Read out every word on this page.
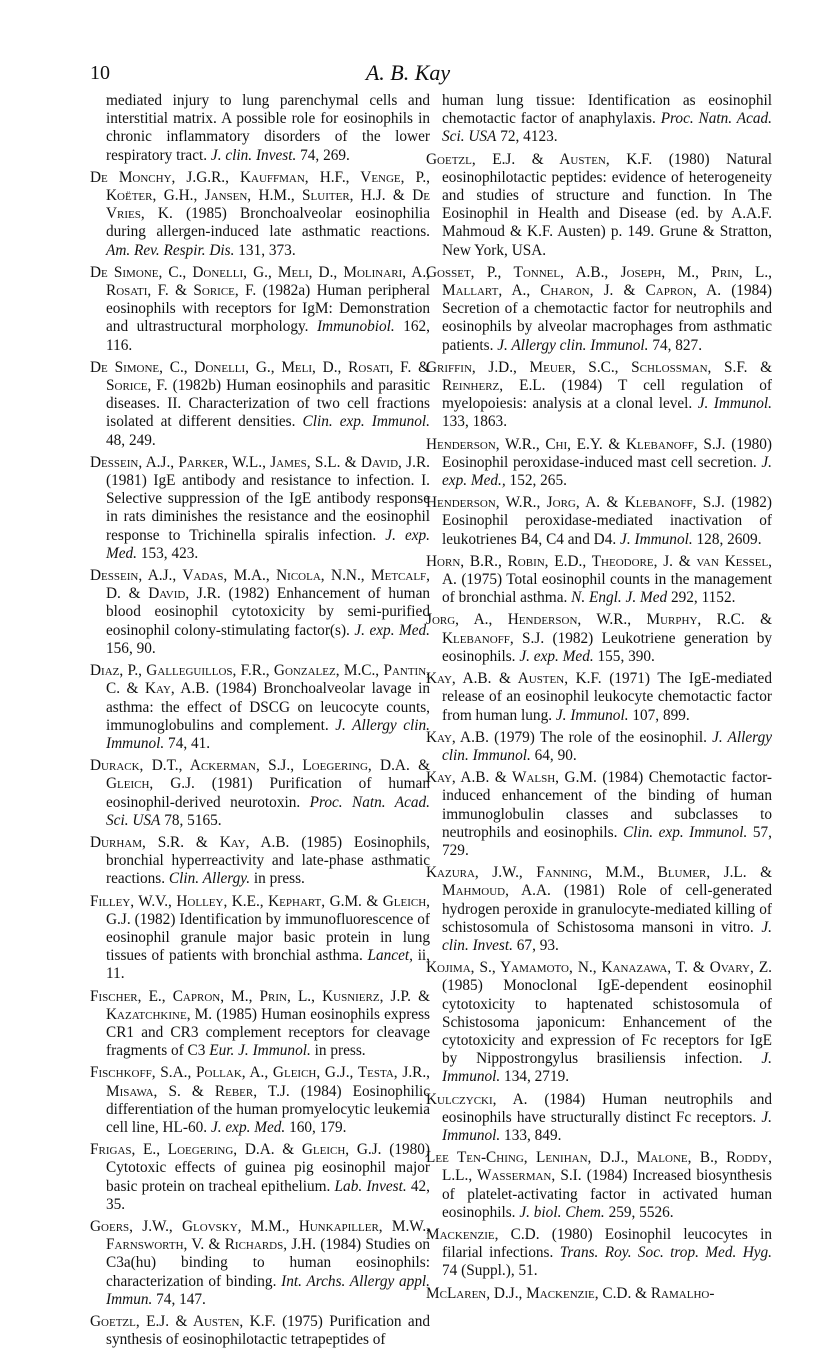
10	A. B. Kay
mediated injury to lung parenchymal cells and interstitial matrix. A possible role for eosinophils in chronic inflammatory disorders of the lower respiratory tract. J. clin. Invest. 74, 269.
De Monchy, J.G.R., Kauffman, H.F., Venge, P., Koëter, G.H., Jansen, H.M., Sluiter, H.J. & De Vries, K. (1985) Bronchoalveolar eosinophilia during allergen-induced late asthmatic reactions. Am. Rev. Respir. Dis. 131, 373.
De Simone, C., Donelli, G., Meli, D., Molinari, A., Rosati, F. & Sorice, F. (1982a) Human peripheral eosinophils with receptors for IgM: Demonstration and ultrastructural morphology. Immunobiol. 162, 116.
De Simone, C., Donelli, G., Meli, D., Rosati, F. & Sorice, F. (1982b) Human eosinophils and parasitic diseases. II. Characterization of two cell fractions isolated at different densities. Clin. exp. Immunol. 48, 249.
Dessein, A.J., Parker, W.L., James, S.L. & David, J.R. (1981) IgE antibody and resistance to infection. I. Selective suppression of the IgE antibody response in rats diminishes the resistance and the eosinophil response to Trichinella spiralis infection. J. exp. Med. 153, 423.
Dessein, A.J., Vadas, M.A., Nicola, N.N., Metcalf, D. & David, J.R. (1982) Enhancement of human blood eosinophil cytotoxicity by semi-purified eosinophil colony-stimulating factor(s). J. exp. Med. 156, 90.
Diaz, P., Galleguillos, F.R., Gonzalez, M.C., Pantin, C. & Kay, A.B. (1984) Bronchoalveolar lavage in asthma: the effect of DSCG on leucocyte counts, immunoglobulins and complement. J. Allergy clin. Immunol. 74, 41.
Durack, D.T., Ackerman, S.J., Loegering, D.A. & Gleich, G.J. (1981) Purification of human eosinophil-derived neurotoxin. Proc. Natn. Acad. Sci. USA 78, 5165.
Durham, S.R. & Kay, A.B. (1985) Eosinophils, bronchial hyperreactivity and late-phase asthmatic reactions. Clin. Allergy. in press.
Filley, W.V., Holley, K.E., Kephart, G.M. & Gleich, G.J. (1982) Identification by immunofluorescence of eosinophil granule major basic protein in lung tissues of patients with bronchial asthma. Lancet, ii, 11.
Fischer, E., Capron, M., Prin, L., Kusnierz, J.P. & Kazatchkine, M. (1985) Human eosinophils express CR1 and CR3 complement receptors for cleavage fragments of C3 Eur. J. Immunol. in press.
Fischkoff, S.A., Pollak, A., Gleich, G.J., Testa, J.R., Misawa, S. & Reber, T.J. (1984) Eosinophilic differentiation of the human promyelocytic leukemia cell line, HL-60. J. exp. Med. 160, 179.
Frigas, E., Loegering, D.A. & Gleich, G.J. (1980) Cytotoxic effects of guinea pig eosinophil major basic protein on tracheal epithelium. Lab. Invest. 42, 35.
Goers, J.W., Glovsky, M.M., Hunkapiller, M.W., Farnsworth, V. & Richards, J.H. (1984) Studies on C3a(hu) binding to human eosinophils: characterization of binding. Int. Archs. Allergy appl. Immun. 74, 147.
Goetzl, E.J. & Austen, K.F. (1975) Purification and synthesis of eosinophilotactic tetrapeptides of
human lung tissue: Identification as eosinophil chemotactic factor of anaphylaxis. Proc. Natn. Acad. Sci. USA 72, 4123.
Goetzl, E.J. & Austen, K.F. (1980) Natural eosinophilotactic peptides: evidence of heterogeneity and studies of structure and function. In The Eosinophil in Health and Disease (ed. by A.A.F. Mahmoud & K.F. Austen) p. 149. Grune & Stratton, New York, USA.
Gosset, P., Tonnel, A.B., Joseph, M., Prin, L., Mallart, A., Charon, J. & Capron, A. (1984) Secretion of a chemotactic factor for neutrophils and eosinophils by alveolar macrophages from asthmatic patients. J. Allergy clin. Immunol. 74, 827.
Griffin, J.D., Meuer, S.C., Schlossman, S.F. & Reinherz, E.L. (1984) T cell regulation of myelopoiesis: analysis at a clonal level. J. Immunol. 133, 1863.
Henderson, W.R., Chi, E.Y. & Klebanoff, S.J. (1980) Eosinophil peroxidase-induced mast cell secretion. J. exp. Med., 152, 265.
Henderson, W.R., Jorg, A. & Klebanoff, S.J. (1982) Eosinophil peroxidase-mediated inactivation of leukotrienes B4, C4 and D4. J. Immunol. 128, 2609.
Horn, B.R., Robin, E.D., Theodore, J. & van Kessel, A. (1975) Total eosinophil counts in the management of bronchial asthma. N. Engl. J. Med 292, 1152.
Jorg, A., Henderson, W.R., Murphy, R.C. & Klebanoff, S.J. (1982) Leukotriene generation by eosinophils. J. exp. Med. 155, 390.
Kay, A.B. & Austen, K.F. (1971) The IgE-mediated release of an eosinophil leukocyte chemotactic factor from human lung. J. Immunol. 107, 899.
Kay, A.B. (1979) The role of the eosinophil. J. Allergy clin. Immunol. 64, 90.
Kay, A.B. & Walsh, G.M. (1984) Chemotactic factor-induced enhancement of the binding of human immunoglobulin classes and subclasses to neutrophils and eosinophils. Clin. exp. Immunol. 57, 729.
Kazura, J.W., Fanning, M.M., Blumer, J.L. & Mahmoud, A.A. (1981) Role of cell-generated hydrogen peroxide in granulocyte-mediated killing of schistosomula of Schistosoma mansoni in vitro. J. clin. Invest. 67, 93.
Kojima, S., Yamamoto, N., Kanazawa, T. & Ovary, Z. (1985) Monoclonal IgE-dependent eosinophil cytotoxicity to haptenated schistosomula of Schistosoma japonicum: Enhancement of the cytotoxicity and expression of Fc receptors for IgE by Nippostrongylus brasiliensis infection. J. Immunol. 134, 2719.
Kulczycki, A. (1984) Human neutrophils and eosinophils have structurally distinct Fc receptors. J. Immunol. 133, 849.
Lee Ten-Ching, Lenihan, D.J., Malone, B., Roddy, L.L., Wasserman, S.I. (1984) Increased biosynthesis of platelet-activating factor in activated human eosinophils. J. biol. Chem. 259, 5526.
Mackenzie, C.D. (1980) Eosinophil leucocytes in filarial infections. Trans. Roy. Soc. trop. Med. Hyg. 74 (Suppl.), 51.
McLaren, D.J., Mackenzie, C.D. & Ramalho-
